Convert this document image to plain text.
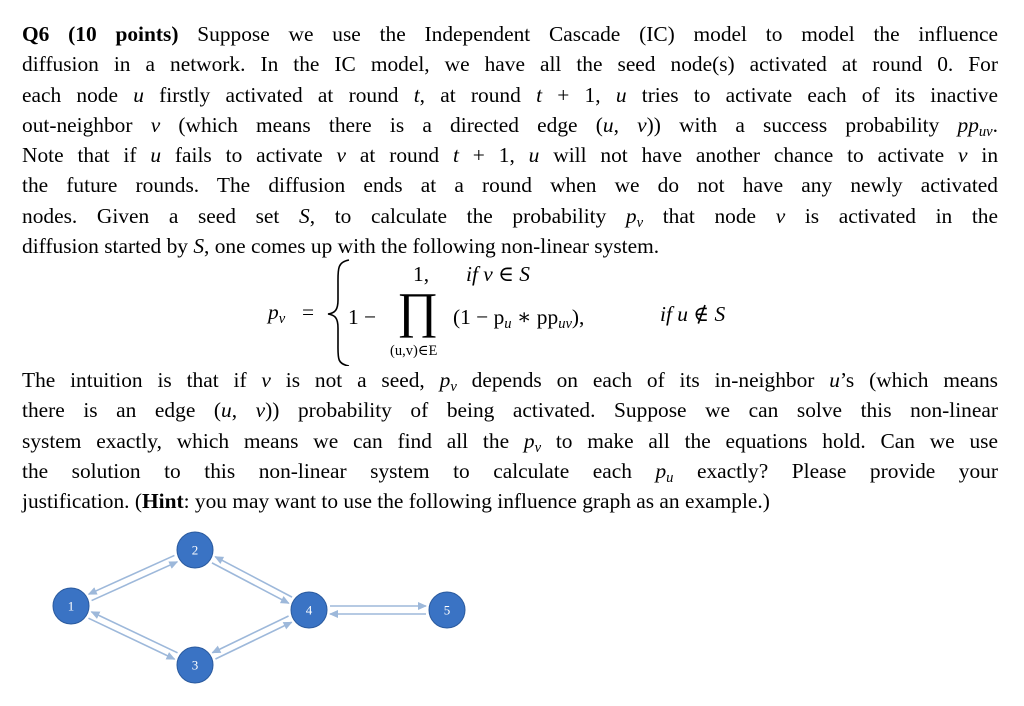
Q6 (10 points) Suppose we use the Independent Cascade (IC) model to model the influence
diffusion in a network. In the IC model, we have all the seed node(s) activated at round 0. For
each node u firstly activated at round t, at round t + 1, u tries to activate each of its inactive
out-neighbor v (which means there is a directed edge (u, v)) with a success probability $pp_{uv}$.
Note that if u fails to activate v at round t + 1, u will not have another chance to activate v in
the future rounds. The diffusion ends at a round when we do not have any newly activated
nodes. Given a seed set S, to calculate the probability $p_v$ that node v is activated in the
diffusion started by S, one comes up with the following non-linear system.
$p_v$ =
1, if v ∈ S
1 − ∏
(u,v)∈E
($1 - p_u$ ∗ $pp_{uv}$),	if u ∉ S
The intuition is that if v is not a seed, $p_v$ depends on each of its in-neighbor u’s (which means
there is an edge (u, v)) probability of being activated. Suppose we can solve this non-linear
system exactly, which means we can find all the $p_v$ to make all the equations hold. Can we use
the solution to this non-linear system to calculate each $p_u$ exactly? Please provide your
justification. (Hint: you may want to use the following influence graph as an example.)
1
2
3
4	5
